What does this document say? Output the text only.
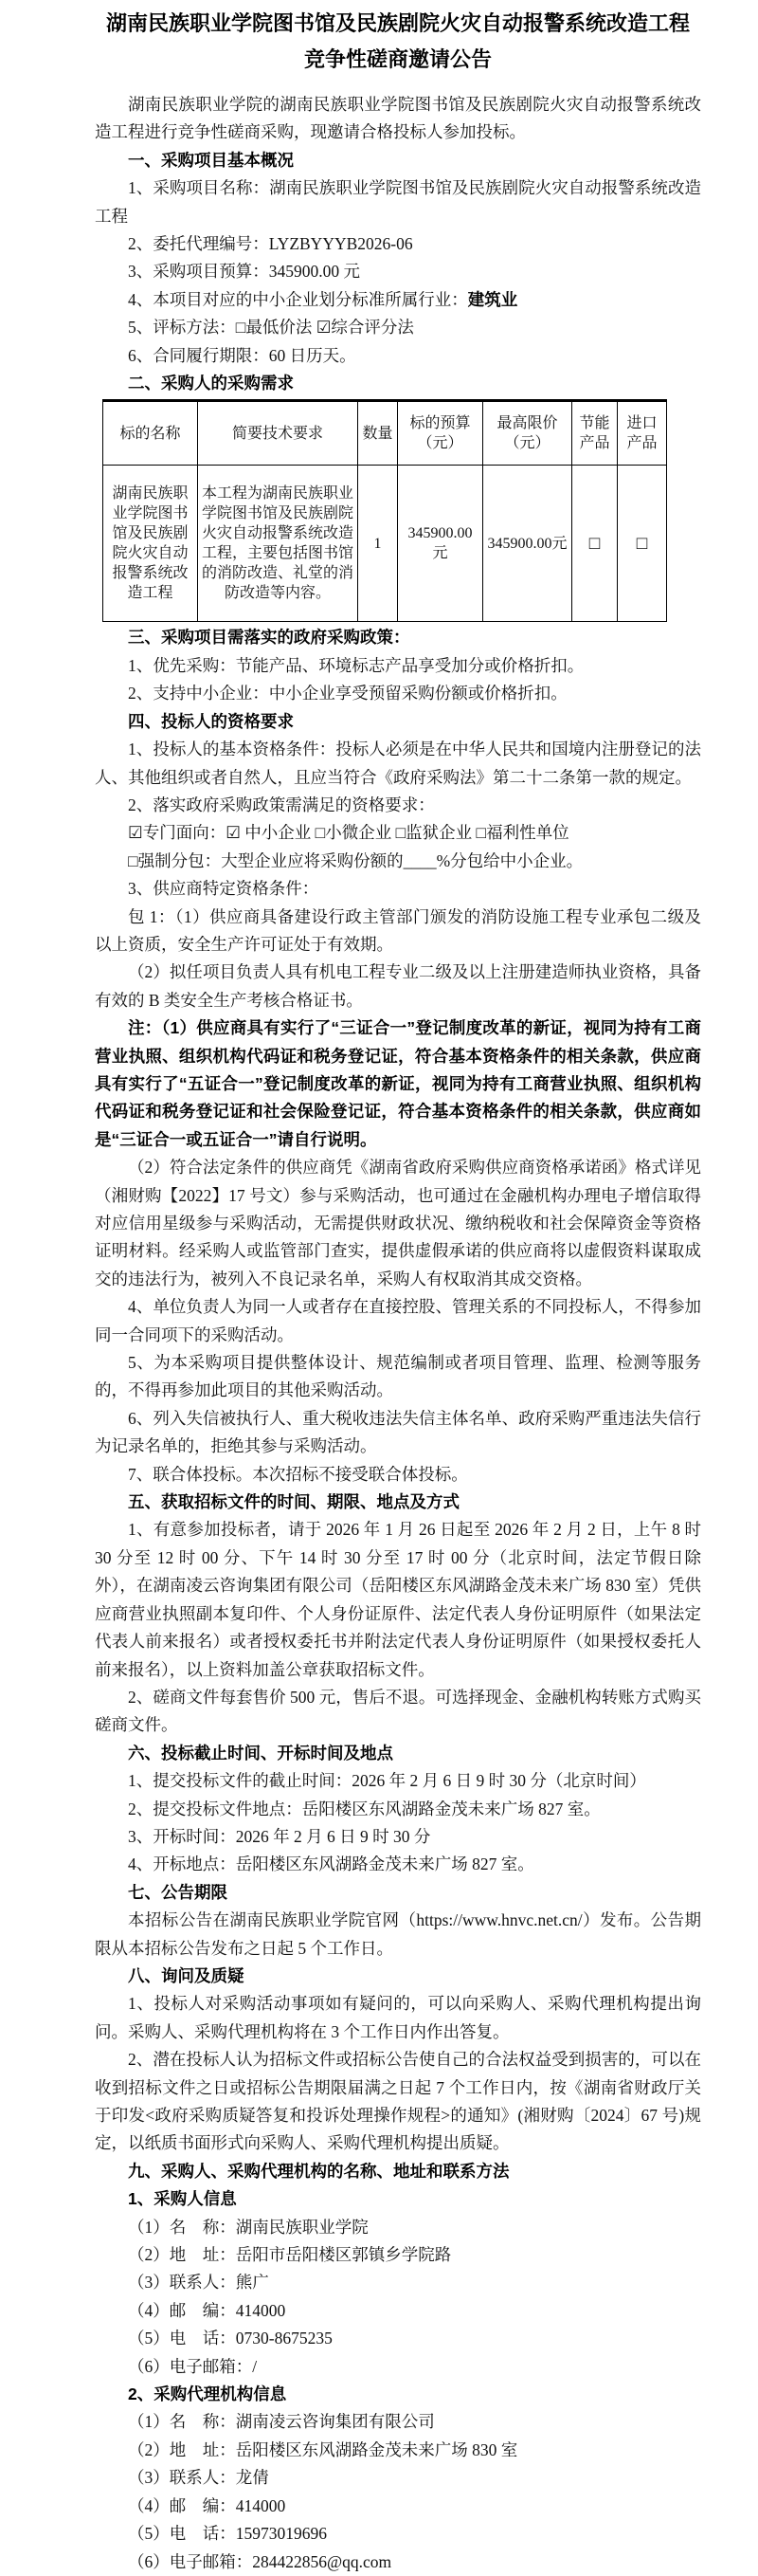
湖南民族职业学院图书馆及民族剧院火灾自动报警系统改造工程
竞争性磋商邀请公告

湖南民族职业学院的湖南民族职业学院图书馆及民族剧院火灾自动报警系统改造工程进行竞争性磋商采购，现邀请合格投标人参加投标。

一、采购项目基本概况

1、采购项目名称：湖南民族职业学院图书馆及民族剧院火灾自动报警系统改造工程

2、委托代理编号：LYZBYYYB2026-06

3、采购项目预算：345900.00 元

4、本项目对应的中小企业划分标准所属行业：建筑业

5、评标方法：□最低价法 ☑综合评分法

6、合同履行期限：60 日历天。

二、采购人的采购需求

标的名称	简要技术要求	数量	标的预算（元）	最高限价（元）	节能产品	进口产品
湖南民族职业学院图书馆及民族剧院火灾自动报警系统改造工程	本工程为湖南民族职业学院图书馆及民族剧院火灾自动报警系统改造工程，主要包括图书馆的消防改造、礼堂的消防改造等内容。	1	345900.00元	345900.00元	□	□

三、采购项目需落实的政府采购政策：

1、优先采购：节能产品、环境标志产品享受加分或价格折扣。

2、支持中小企业：中小企业享受预留采购份额或价格折扣。

四、投标人的资格要求

1、投标人的基本资格条件：投标人必须是在中华人民共和国境内注册登记的法人、其他组织或者自然人，且应当符合《政府采购法》第二十二条第一款的规定。

2、落实政府采购政策需满足的资格要求：

☑专门面向：☑ 中小企业 □小微企业 □监狱企业 □福利性单位

□强制分包：大型企业应将采购份额的____%分包给中小企业。

3、供应商特定资格条件：

包 1：（1）供应商具备建设行政主管部门颁发的消防设施工程专业承包二级及以上资质，安全生产许可证处于有效期。

（2）拟任项目负责人具有机电工程专业二级及以上注册建造师执业资格，具备有效的 B 类安全生产考核合格证书。

注：（1）供应商具有实行了“三证合一”登记制度改革的新证，视同为持有工商营业执照、组织机构代码证和税务登记证，符合基本资格条件的相关条款，供应商具有实行了“五证合一”登记制度改革的新证，视同为持有工商营业执照、组织机构代码证和税务登记证和社会保险登记证，符合基本资格条件的相关条款，供应商如是“三证合一或五证合一”请自行说明。

（2）符合法定条件的供应商凭《湖南省政府采购供应商资格承诺函》格式详见（湘财购【2022】17 号文）参与采购活动，也可通过在金融机构办理电子增信取得对应信用星级参与采购活动，无需提供财政状况、缴纳税收和社会保障资金等资格证明材料。经采购人或监管部门查实，提供虚假承诺的供应商将以虚假资料谋取成交的违法行为，被列入不良记录名单，采购人有权取消其成交资格。

4、单位负责人为同一人或者存在直接控股、管理关系的不同投标人，不得参加同一合同项下的采购活动。

5、为本采购项目提供整体设计、规范编制或者项目管理、监理、检测等服务的，不得再参加此项目的其他采购活动。

6、列入失信被执行人、重大税收违法失信主体名单、政府采购严重违法失信行为记录名单的，拒绝其参与采购活动。

7、联合体投标。本次招标不接受联合体投标。

五、获取招标文件的时间、期限、地点及方式

1、有意参加投标者，请于 2026 年 1 月 26 日起至 2026 年 2 月 2 日，上午 8 时 30 分至 12 时 00 分、下午 14 时 30 分至 17 时 00 分（北京时间，法定节假日除外），在湖南凌云咨询集团有限公司（岳阳楼区东风湖路金茂未来广场 830 室）凭供应商营业执照副本复印件、个人身份证原件、法定代表人身份证明原件（如果法定代表人前来报名）或者授权委托书并附法定代表人身份证明原件（如果授权委托人前来报名），以上资料加盖公章获取招标文件。

2、磋商文件每套售价 500 元，售后不退。可选择现金、金融机构转账方式购买磋商文件。

六、投标截止时间、开标时间及地点

1、提交投标文件的截止时间：2026 年 2 月 6 日 9 时 30 分（北京时间）

2、提交投标文件地点：岳阳楼区东风湖路金茂未来广场 827 室。

3、开标时间：2026 年 2 月 6 日 9 时 30 分

4、开标地点：岳阳楼区东风湖路金茂未来广场 827 室。

七、公告期限

本招标公告在湖南民族职业学院官网（https://www.hnvc.net.cn/）发布。公告期限从本招标公告发布之日起 5 个工作日。

八、询问及质疑

1、投标人对采购活动事项如有疑问的，可以向采购人、采购代理机构提出询问。采购人、采购代理机构将在 3 个工作日内作出答复。

2、潜在投标人认为招标文件或招标公告使自己的合法权益受到损害的，可以在收到招标文件之日或招标公告期限届满之日起 7 个工作日内，按《湖南省财政厅关于印发<政府采购质疑答复和投诉处理操作规程>的通知》(湘财购〔2024〕67 号)规定，以纸质书面形式向采购人、采购代理机构提出质疑。

九、采购人、采购代理机构的名称、地址和联系方法

1、采购人信息

（1）名　称：湖南民族职业学院

（2）地　址：岳阳市岳阳楼区郭镇乡学院路

（3）联系人：熊广

（4）邮　编：414000

（5）电　话：0730-8675235

（6）电子邮箱：/

2、采购代理机构信息

（1）名　称：湖南凌云咨询集团有限公司

（2）地　址：岳阳楼区东风湖路金茂未来广场 830 室

（3）联系人：龙倩

（4）邮　编：414000

（5）电　话：15973019696

（6）电子邮箱：284422856@qq.com
